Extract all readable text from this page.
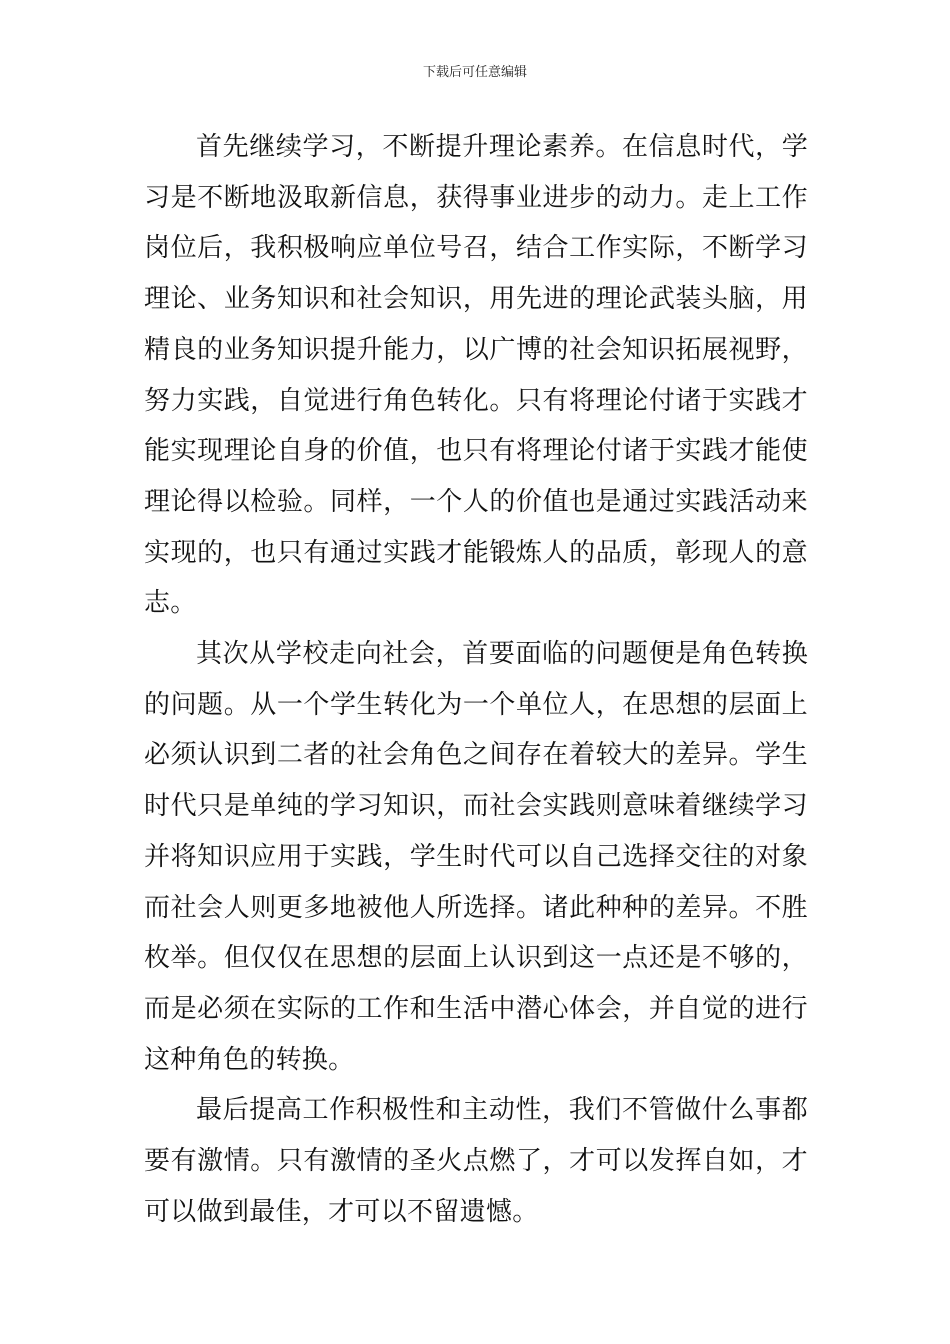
下载后可任意编辑

首先继续学习，不断提升理论素养。在信息时代，学习是不断地汲取新信息，获得事业进步的动力。走上工作岗位后，我积极响应单位号召，结合工作实际，不断学习理论、业务知识和社会知识，用先进的理论武装头脑，用精良的业务知识提升能力，以广博的社会知识拓展视野，努力实践，自觉进行角色转化。只有将理论付诸于实践才能实现理论自身的价值，也只有将理论付诸于实践才能使理论得以检验。同样，一个人的价值也是通过实践活动来实现的，也只有通过实践才能锻炼人的品质，彰现人的意志。

其次从学校走向社会，首要面临的问题便是角色转换的问题。从一个学生转化为一个单位人，在思想的层面上必须认识到二者的社会角色之间存在着较大的差异。学生时代只是单纯的学习知识，而社会实践则意味着继续学习并将知识应用于实践，学生时代可以自己选择交往的对象而社会人则更多地被他人所选择。诸此种种的差异。不胜枚举。但仅仅在思想的层面上认识到这一点还是不够的，而是必须在实际的工作和生活中潜心体会，并自觉的进行这种角色的转换。

最后提高工作积极性和主动性，我们不管做什么事都要有激情。只有激情的圣火点燃了，才可以发挥自如，才可以做到最佳，才可以不留遗憾。
